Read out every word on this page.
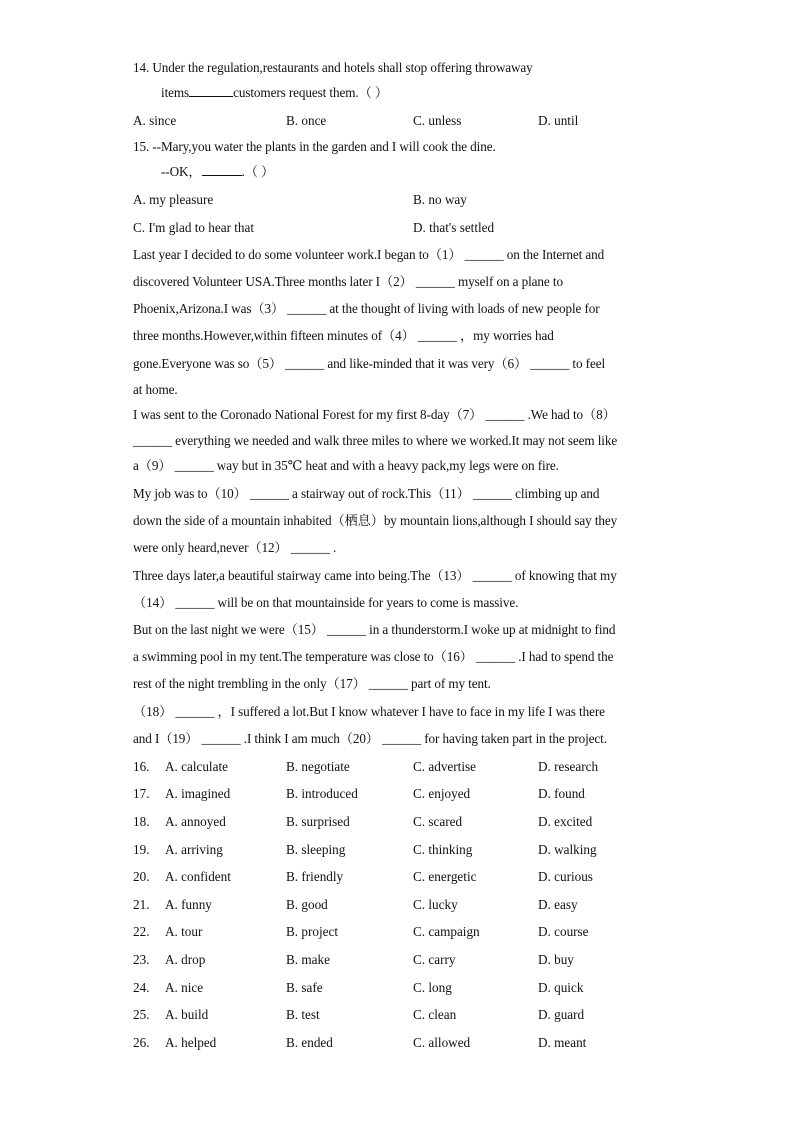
14. Under the regulation,restaurants and hotels shall stop offering throwaway
items	customers request them.（ ）
A. since	B. once	C. unless	D. until
15. --Mary,you water the plants in the garden and I will cook the dine.
--OK，	.（ ）
A. my pleasure	B. no way
C. I'm glad to hear that	D. that's settled
Last year I decided to do some volunteer work.I began to（1） ______ on the Internet and
discovered Volunteer USA.Three months later I（2） ______ myself on a plane to
Phoenix,Arizona.I was（3） ______ at the thought of living with loads of new people for
three months.However,within fifteen minutes of（4） ______ ，my worries had
gone.Everyone was so（5） ______ and like-minded that it was very（6） ______ to feel
at home.
I was sent to the Coronado National Forest for my first 8-day（7） ______ .We had to（8）
______ everything we needed and walk three miles to where we worked.It may not seem like
a（9） ______ way but in 35℃ heat and with a heavy pack,my legs were on fire.
My job was to（10） ______ a stairway out of rock.This（11） ______ climbing up and
down the side of a mountain inhabited（栖息）by mountain lions,although I should say they
were only heard,never（12） ______ .
Three days later,a beautiful stairway came into being.The（13） ______ of knowing that my
（14） ______ will be on that mountainside for years to come is massive.
But on the last night we were（15） ______ in a thunderstorm.I woke up at midnight to find
a swimming pool in my tent.The temperature was close to（16） ______ .I had to spend the
rest of the night trembling in the only（17） ______ part of my tent.
（18） ______ ，I suffered a lot.But I know whatever I have to face in my life I was there
and I（19） ______ .I think I am much（20） ______ for having taken part in the project.
16. A. calculate	B. negotiate	C. advertise	D. research
17. A. imagined	B. introduced	C. enjoyed	D. found
18. A. annoyed	B. surprised	C. scared	D. excited
19. A. arriving	B. sleeping	C. thinking	D. walking
20. A. confident	B. friendly	C. energetic	D. curious
21. A. funny	B. good	C. lucky	D. easy
22. A. tour	B. project	C. campaign	D. course
23. A. drop	B. make	C. carry	D. buy
24. A. nice	B. safe	C. long	D. quick
25. A. build	B. test	C. clean	D. guard
26. A. helped	B. ended	C. allowed	D. meant
